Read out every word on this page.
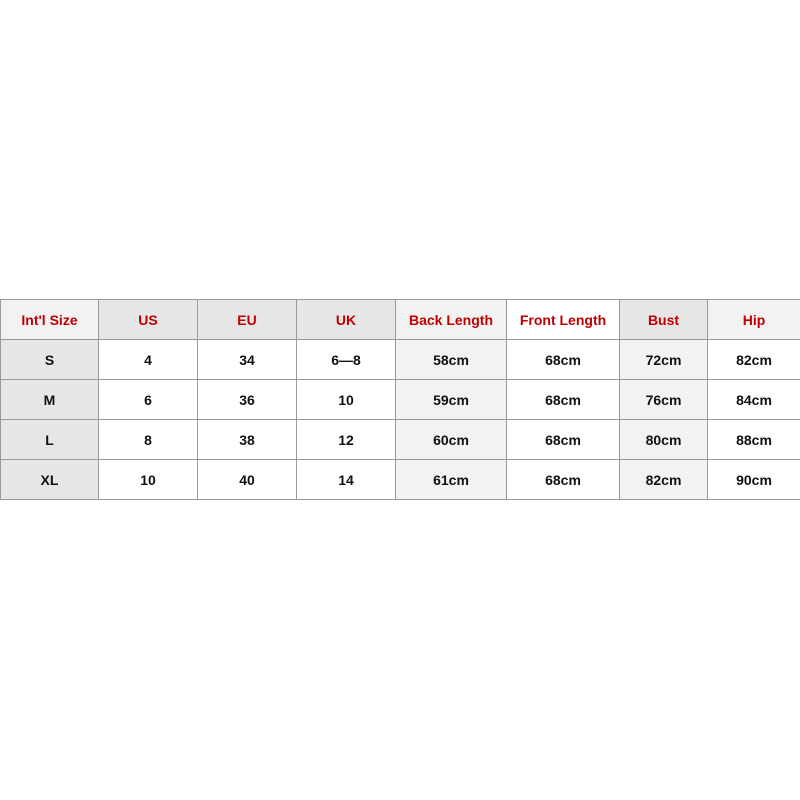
Int'l Size	US	EU	UK	Back Length	Front Length	Bust	Hip
S	4	34	6—8	58cm	68cm	72cm	82cm
M	6	36	10	59cm	68cm	76cm	84cm
L	8	38	12	60cm	68cm	80cm	88cm
XL	10	40	14	61cm	68cm	82cm	90cm
